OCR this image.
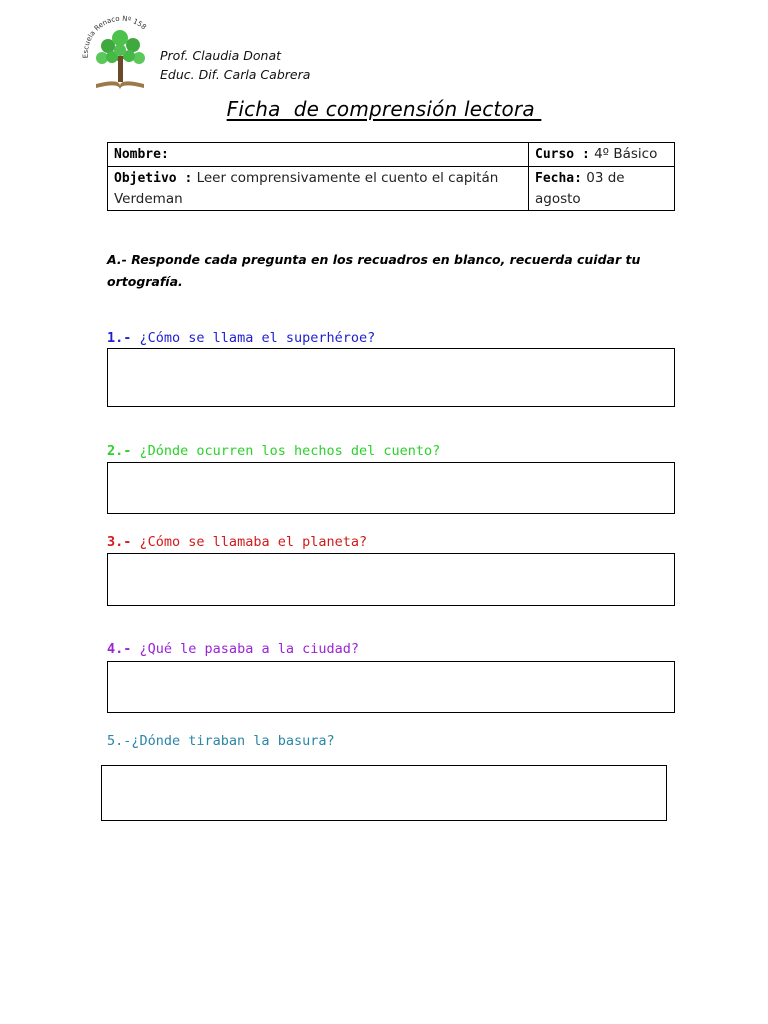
Escuela Renaco Nº 158
Prof. Claudia Donat
Educ. Dif. Carla Cabrera
Ficha  de comprensión lectora
Nombre:	Curso : 4º Básico
Objetivo : Leer comprensivamente el cuento el capitán Verdeman	Fecha: 03 de agosto
A.- Responde cada pregunta en los recuadros en blanco, recuerda cuidar tu ortografía.
1.- ¿Cómo se llama el superhéroe?
2.- ¿Dónde ocurren los hechos del cuento?
3.- ¿Cómo se llamaba el planeta?
4.- ¿Qué le pasaba a la ciudad?
5.-¿Dónde tiraban la basura?
